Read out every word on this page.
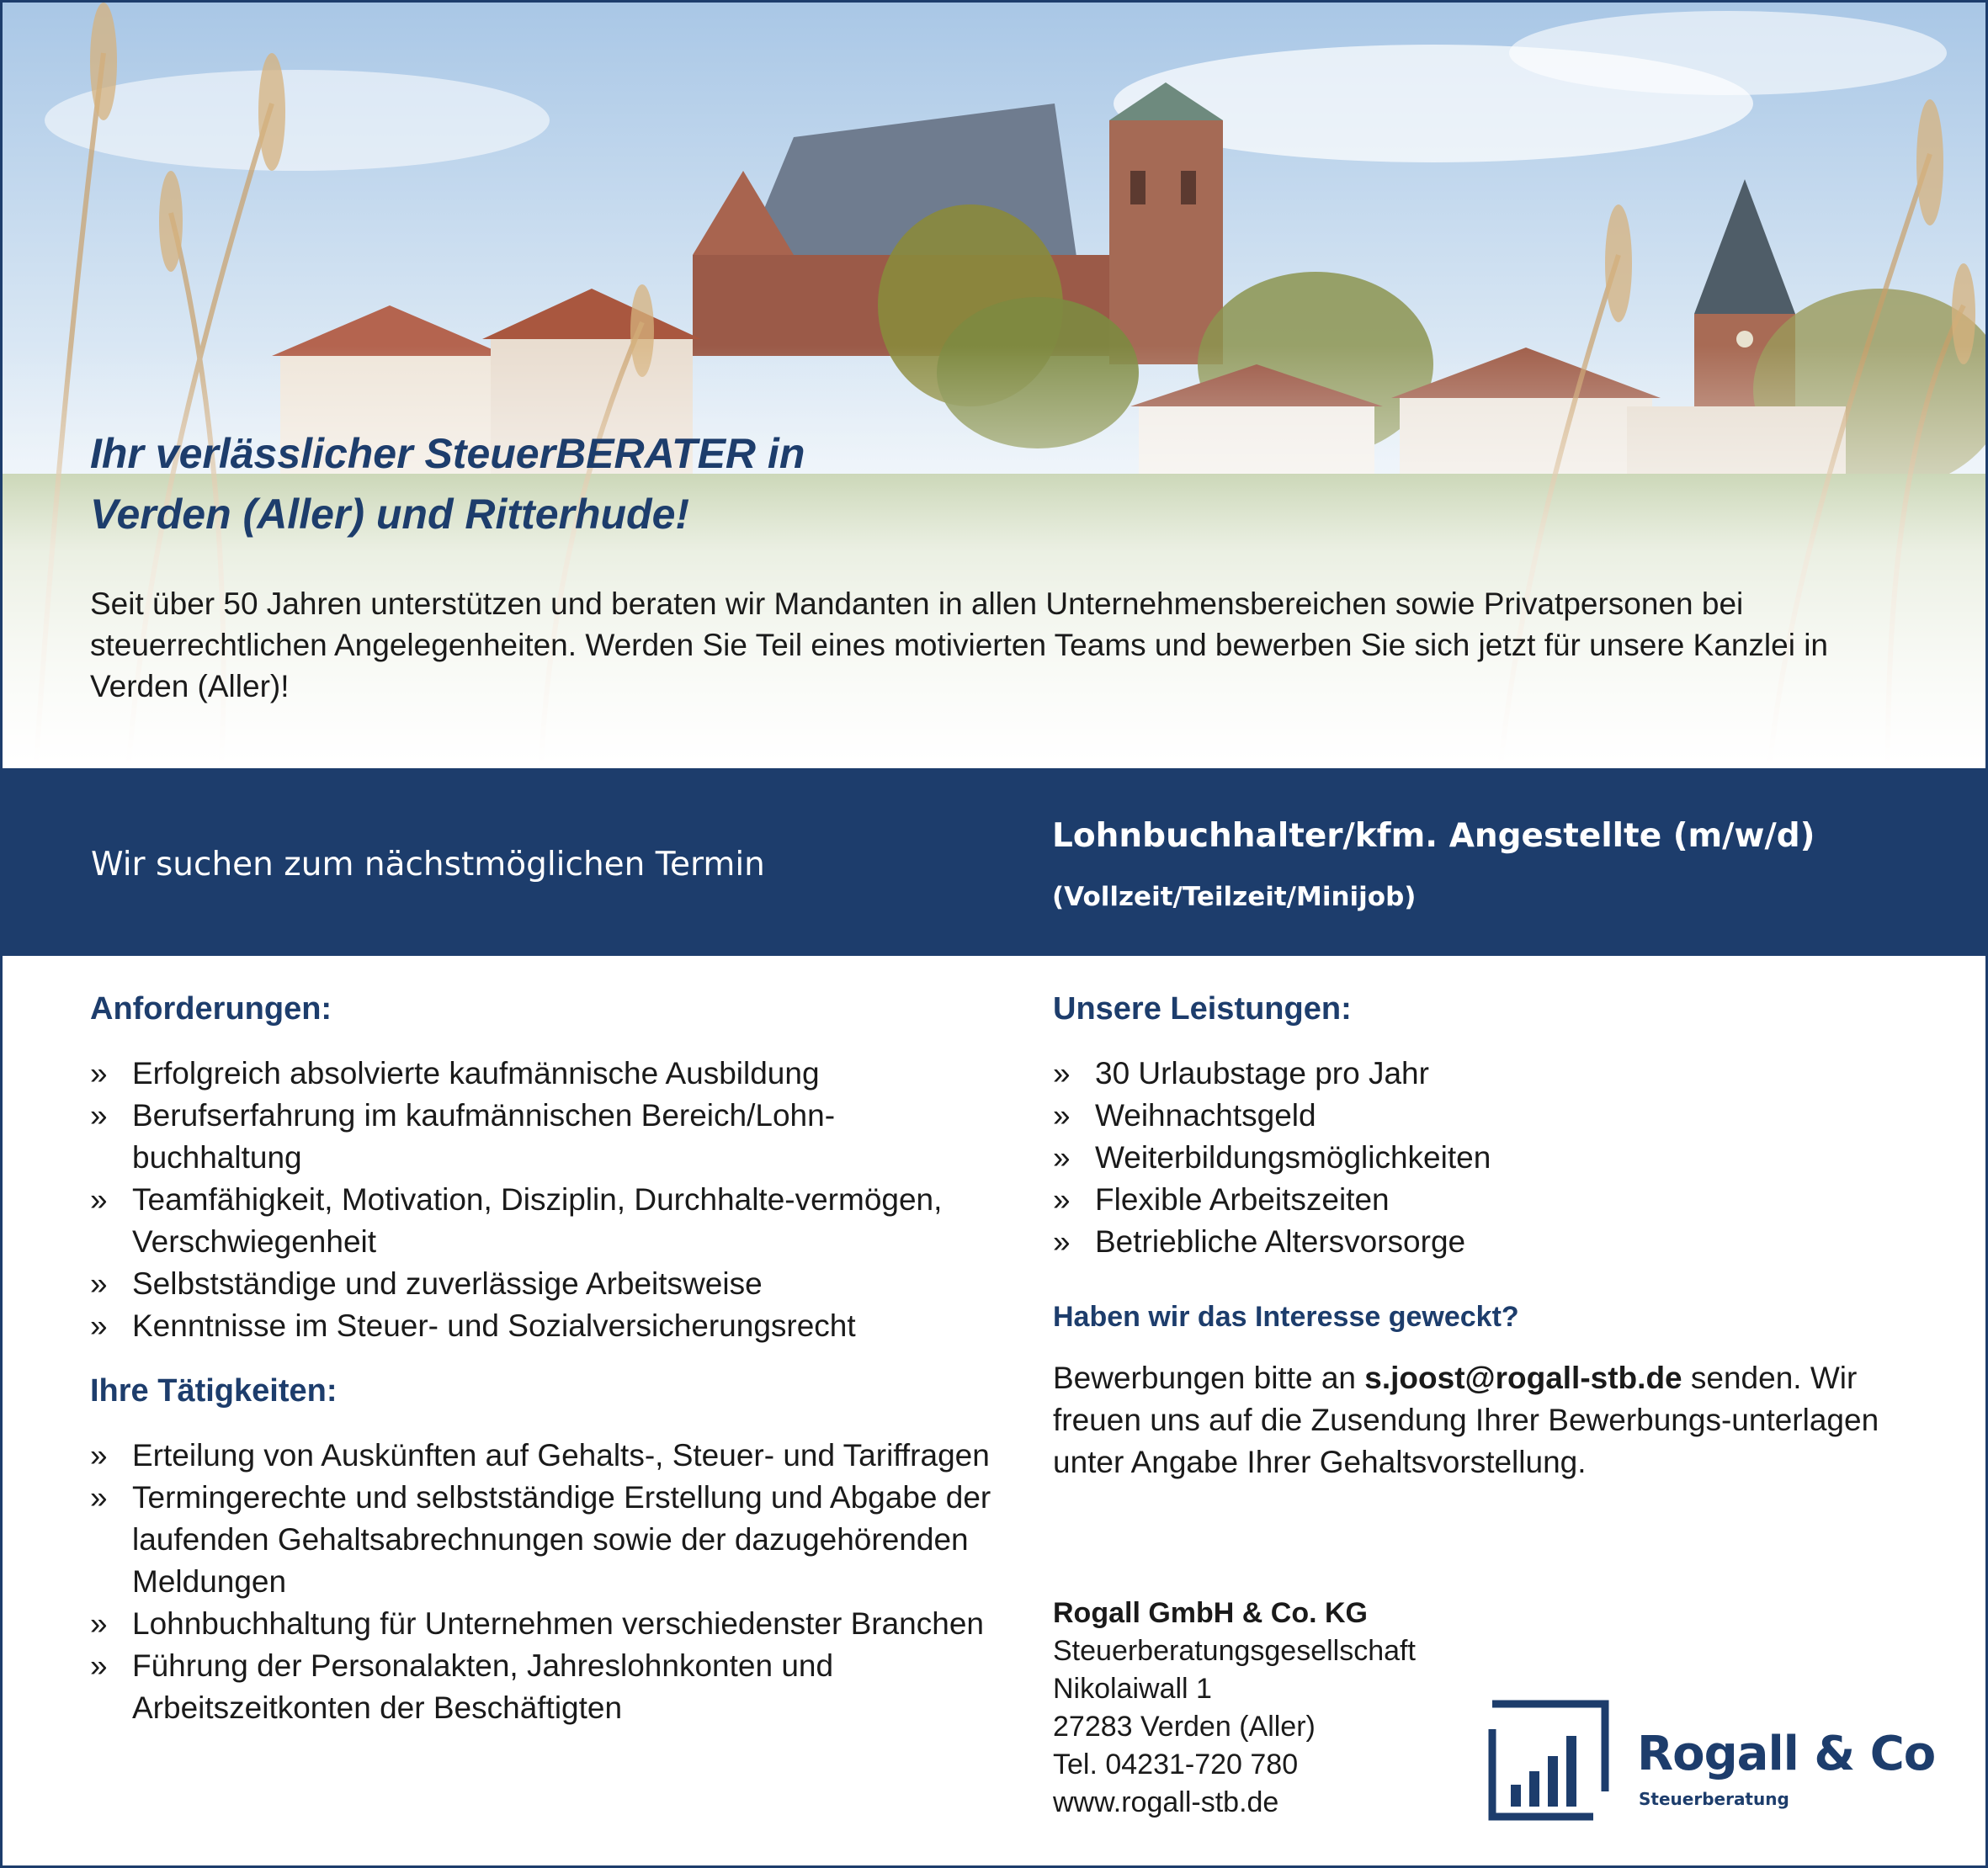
Ihr verlässlicher SteuerBERATER in
Verden (Aller) und Ritterhude!

Seit über 50 Jahren unterstützen und beraten wir Mandanten in allen Unternehmensbereichen sowie Privatpersonen bei steuerrechtlichen Angelegenheiten. Werden Sie Teil eines motivierten Teams und bewerben Sie sich jetzt für unsere Kanzlei in Verden (Aller)!

Wir suchen zum nächstmöglichen Termin

Lohnbuchhalter/kfm. Angestellte (m/w/d)

(Vollzeit/Teilzeit/Minijob)

Anforderungen:
» Erfolgreich absolvierte kaufmännische Ausbildung
» Berufserfahrung im kaufmännischen Bereich/Lohn-buchhaltung
» Teamfähigkeit, Motivation, Disziplin, Durchhalte-vermögen, Verschwiegenheit
» Selbstständige und zuverlässige Arbeitsweise
» Kenntnisse im Steuer- und Sozialversicherungsrecht
Ihre Tätigkeiten:
» Erteilung von Auskünften auf Gehalts-, Steuer- und Tariffragen
» Termingerechte und selbstständige Erstellung und Abgabe der laufenden Gehaltsabrechnungen sowie der dazugehörenden Meldungen
» Lohnbuchhaltung für Unternehmen verschiedenster Branchen
» Führung der Personalakten, Jahreslohnkonten und Arbeitszeitkonten der Beschäftigten
Unsere Leistungen:
» 30 Urlaubstage pro Jahr
» Weihnachtsgeld
» Weiterbildungsmöglichkeiten
» Flexible Arbeitszeiten
» Betriebliche Altersvorsorge
Haben wir das Interesse geweckt?

Bewerbungen bitte an s.joost@rogall-stb.de senden. Wir freuen uns auf die Zusendung Ihrer Bewerbungs-unterlagen unter Angabe Ihrer Gehaltsvorstellung.

Rogall GmbH & Co. KG

Steuerberatungsgesellschaft

Nikolaiwall 1

27283 Verden (Aller)

Tel. 04231-720 780

www.rogall-stb.de

Rogall & Co

Steuerberatung
